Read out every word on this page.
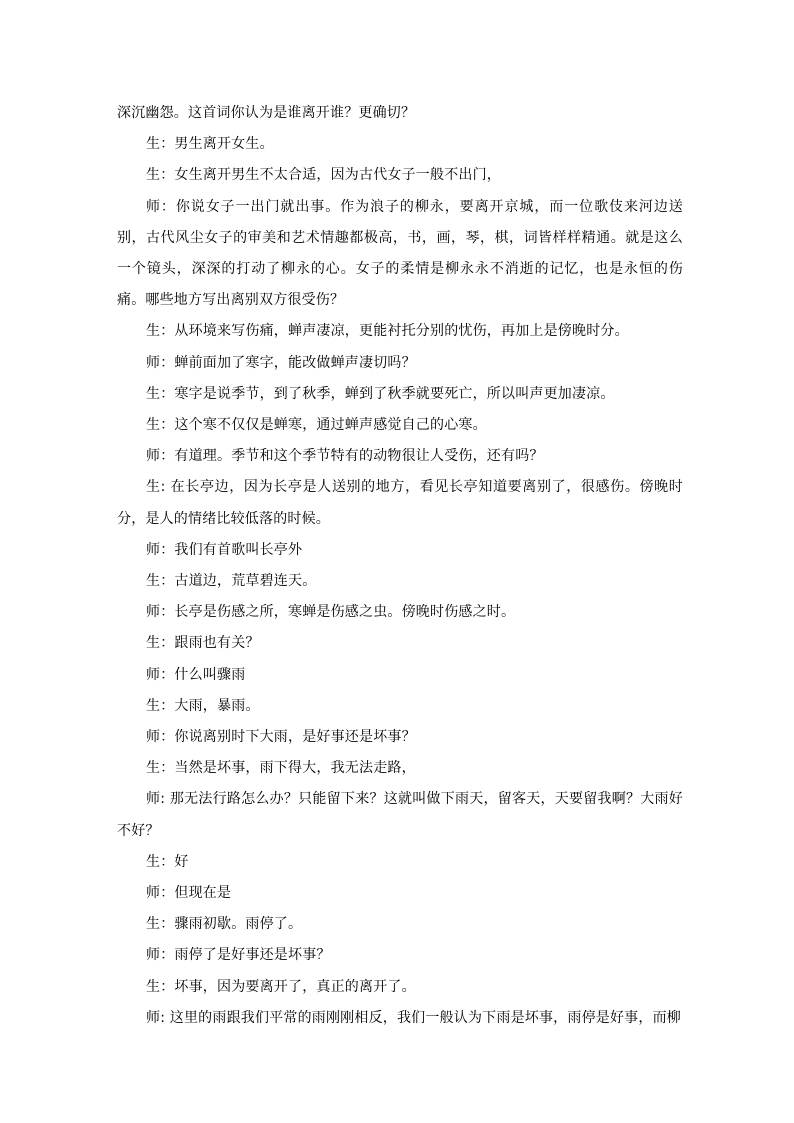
深沉幽怨。这首词你认为是谁离开谁？更确切？

生：男生离开女生。

生：女生离开男生不太合适，因为古代女子一般不出门，

师：你说女子一出门就出事。作为浪子的柳永，要离开京城，而一位歌伎来河边送别，古代风尘女子的审美和艺术情趣都极高，书，画，琴，棋，词皆样样精通。就是这么一个镜头，深深的打动了柳永的心。女子的柔情是柳永永不消逝的记忆，也是永恒的伤痛。哪些地方写出离别双方很受伤？

生：从环境来写伤痛，蝉声凄凉，更能衬托分别的忧伤，再加上是傍晚时分。

师：蝉前面加了寒字，能改做蝉声凄切吗？

生：寒字是说季节，到了秋季，蝉到了秋季就要死亡，所以叫声更加凄凉。

生：这个寒不仅仅是蝉寒，通过蝉声感觉自己的心寒。

师：有道理。季节和这个季节特有的动物很让人受伤，还有吗？

生: 在长亭边，因为长亭是人送别的地方，看见长亭知道要离别了，很感伤。傍晚时分，是人的情绪比较低落的时候。

师：我们有首歌叫长亭外

生：古道边，荒草碧连天。

师：长亭是伤感之所，寒蝉是伤感之虫。傍晚时伤感之时。

生：跟雨也有关？

师：什么叫骤雨

生：大雨，暴雨。

师：你说离别时下大雨，是好事还是坏事？

生：当然是坏事，雨下得大，我无法走路，

师: 那无法行路怎么办？只能留下来？这就叫做下雨天，留客天，天要留我啊？大雨好不好？

生：好

师：但现在是

生：骤雨初歇。雨停了。

师：雨停了是好事还是坏事？

生：坏事，因为要离开了，真正的离开了。

师: 这里的雨跟我们平常的雨刚刚相反，我们一般认为下雨是坏事，雨停是好事，而柳
